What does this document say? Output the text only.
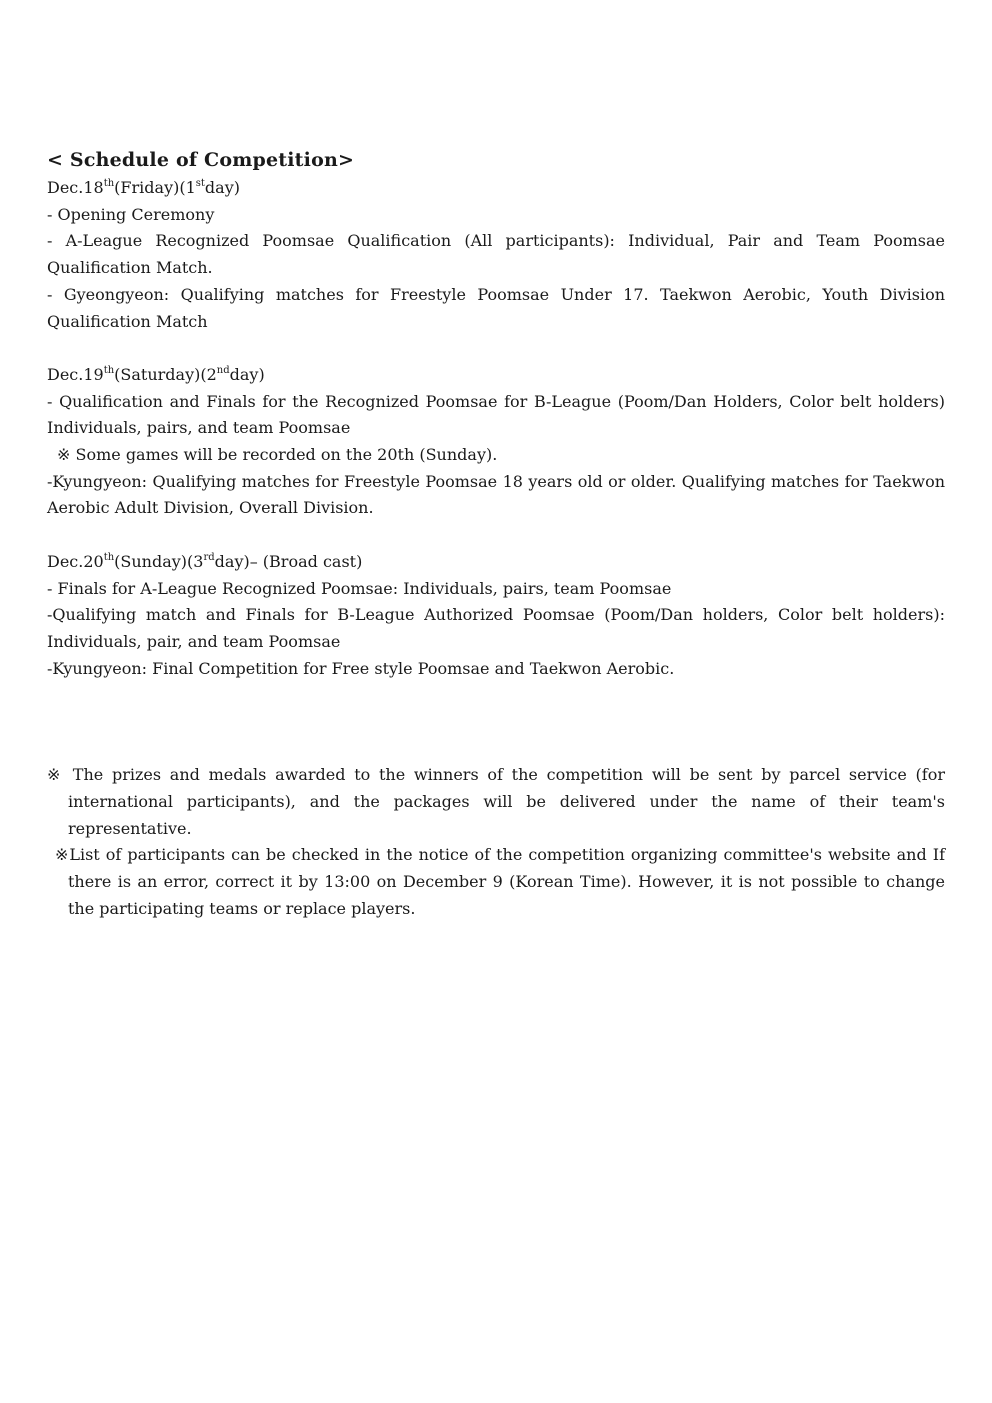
< Schedule of Competition>

Dec.18th(Friday)(1stday)

- Opening Ceremony

- A-League Recognized Poomsae Qualification (All participants): Individual, Pair and Team Poomsae Qualification Match.

- Gyeongyeon: Qualifying matches for Freestyle Poomsae Under 17. Taekwon Aerobic, Youth Division Qualification Match

Dec.19th(Saturday)(2ndday)

- Qualification and Finals for the Recognized Poomsae for B-League (Poom/Dan Holders, Color belt holders) Individuals, pairs, and team Poomsae

※ Some games will be recorded on the 20th (Sunday).

-Kyungyeon: Qualifying matches for Freestyle Poomsae 18 years old or older. Qualifying matches for Taekwon Aerobic Adult Division, Overall Division.

Dec.20th(Sunday)(3rdday)– (Broad cast)

- Finals for A-League Recognized Poomsae: Individuals, pairs, team Poomsae

-Qualifying match and Finals for B-League Authorized Poomsae (Poom/Dan holders, Color belt holders): Individuals, pair, and team Poomsae

-Kyungyeon: Final Competition for Free style Poomsae and Taekwon Aerobic.

※ The prizes and medals awarded to the winners of the competition will be sent by parcel service (for international participants), and the packages will be delivered under the name of their team's representative.

※List of participants can be checked in the notice of the competition organizing committee's website and If there is an error, correct it by 13:00 on December 9 (Korean Time). However, it is not possible to change the participating teams or replace players.
